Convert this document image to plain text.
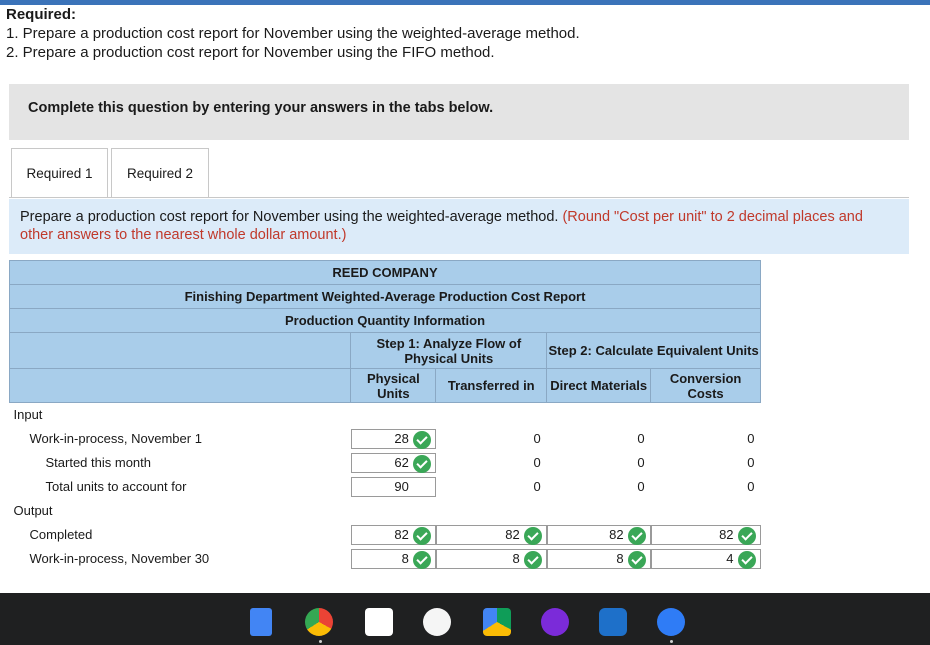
Required:
1. Prepare a production cost report for November using the weighted-average method.
2. Prepare a production cost report for November using the FIFO method.
Complete this question by entering your answers in the tabs below.
Required 1	Required 2
Prepare a production cost report for November using the weighted-average method. (Round "Cost per unit" to 2 decimal places and other answers to the nearest whole dollar amount.)
REED COMPANY					
Finishing Department Weighted-Average Production Cost Report					
Production Quantity Information					
	Step 1: Analyze Flow of Physical Units		Step 2: Calculate Equivalent Units		
	Physical Units	Transferred in	Direct Materials	Conversion Costs	
Input					
Work-in-process, November 1	28	0	0	0	
Started this month	62	0	0	0	
Total units to account for	90	0	0	0	
Output					
Completed	82	82	82	82	

Work-in-process, November 30	8	8	8	4	
